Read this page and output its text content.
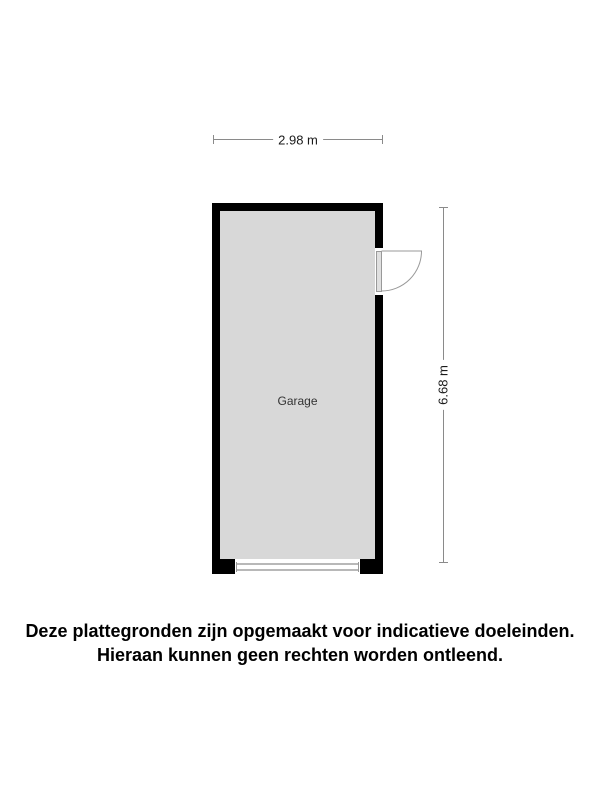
2.98 m
Garage	6.68 m
Deze plattegronden zijn opgemaakt voor indicatieve doeleinden.
Hieraan kunnen geen rechten worden ontleend.
